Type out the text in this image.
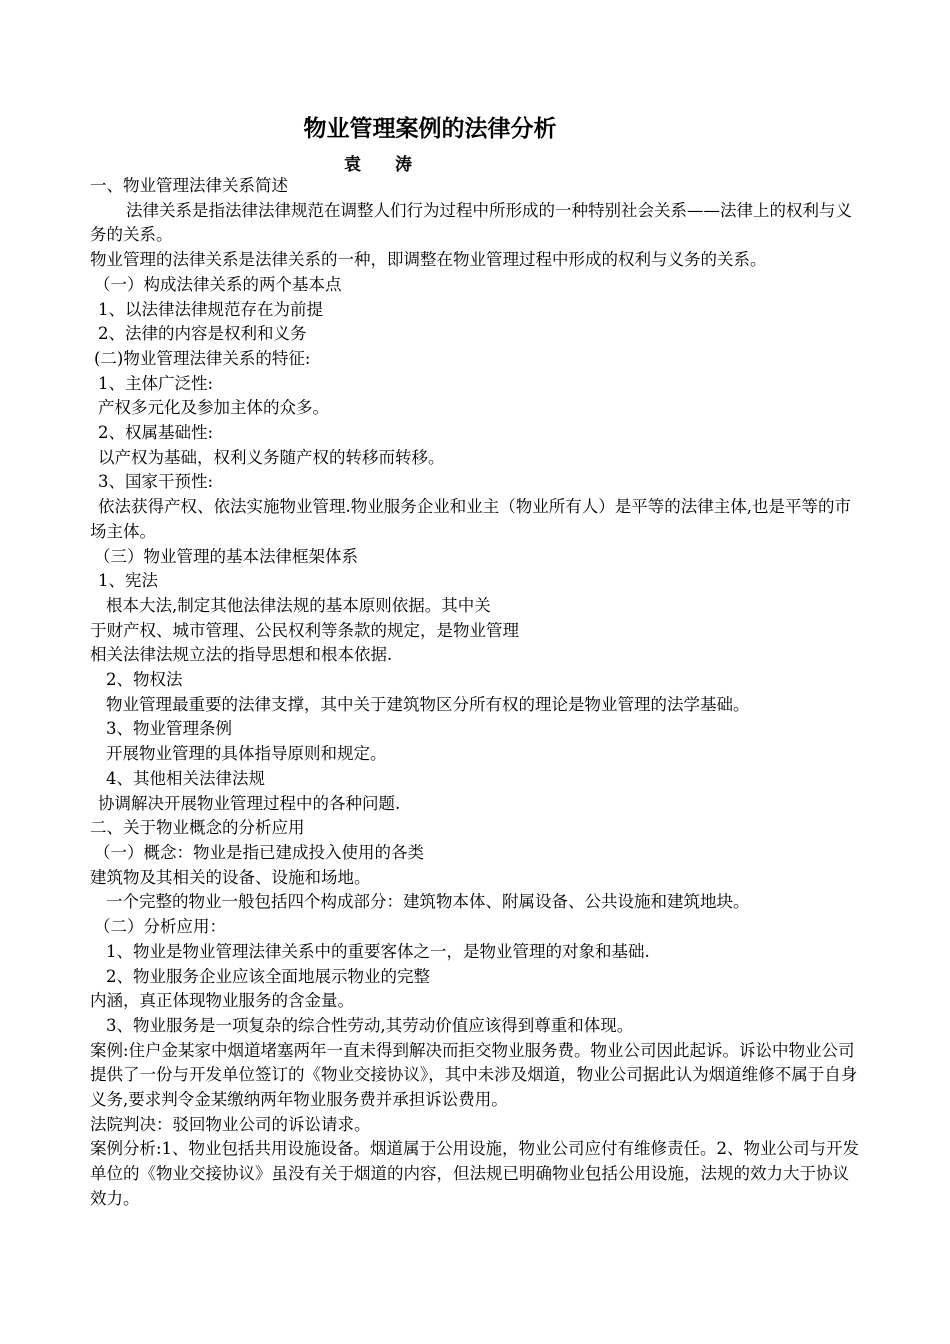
物业管理案例的法律分析
袁 涛

一、物业管理法律关系简述

法律关系是指法律法律规范在调整人们行为过程中所形成的一种特别社会关系——法律上的权利与义务的关系。

物业管理的法律关系是法律关系的一种，即调整在物业管理过程中形成的权利与义务的关系。

（一）构成法律关系的两个基本点

1、以法律法律规范存在为前提

2、法律的内容是权利和义务

(二)物业管理法律关系的特征:

1、主体广泛性:

产权多元化及参加主体的众多。

2、权属基础性:

以产权为基础，权利义务随产权的转移而转移。

3、国家干预性:

依法获得产权、依法实施物业管理.物业服务企业和业主（物业所有人）是平等的法律主体,也是平等的市场主体。

（三）物业管理的基本法律框架体系

1、宪法

根本大法,制定其他法律法规的基本原则依据。其中关

于财产权、城市管理、公民权利等条款的规定，是物业管理

相关法律法规立法的指导思想和根本依据.

2、物权法

物业管理最重要的法律支撑，其中关于建筑物区分所有权的理论是物业管理的法学基础。

3、物业管理条例

开展物业管理的具体指导原则和规定。

4、其他相关法律法规

协调解决开展物业管理过程中的各种问题.

二、关于物业概念的分析应用

（一）概念：物业是指已建成投入使用的各类

建筑物及其相关的设备、设施和场地。

一个完整的物业一般包括四个构成部分：建筑物本体、附属设备、公共设施和建筑地块。

（二）分析应用：

1、物业是物业管理法律关系中的重要客体之一，是物业管理的对象和基础.

2、物业服务企业应该全面地展示物业的完整

内涵，真正体现物业服务的含金量。

3、物业服务是一项复杂的综合性劳动,其劳动价值应该得到尊重和体现。

案例:住户金某家中烟道堵塞两年一直未得到解决而拒交物业服务费。物业公司因此起诉。诉讼中物业公司提供了一份与开发单位签订的《物业交接协议》，其中未涉及烟道，物业公司据此认为烟道维修不属于自身义务,要求判令金某缴纳两年物业服务费并承担诉讼费用。

法院判决：驳回物业公司的诉讼请求。

案例分析:1、物业包括共用设施设备。烟道属于公用设施，物业公司应付有维修责任。2、物业公司与开发单位的《物业交接协议》虽没有关于烟道的内容，但法规已明确物业包括公用设施，法规的效力大于协议效力。
